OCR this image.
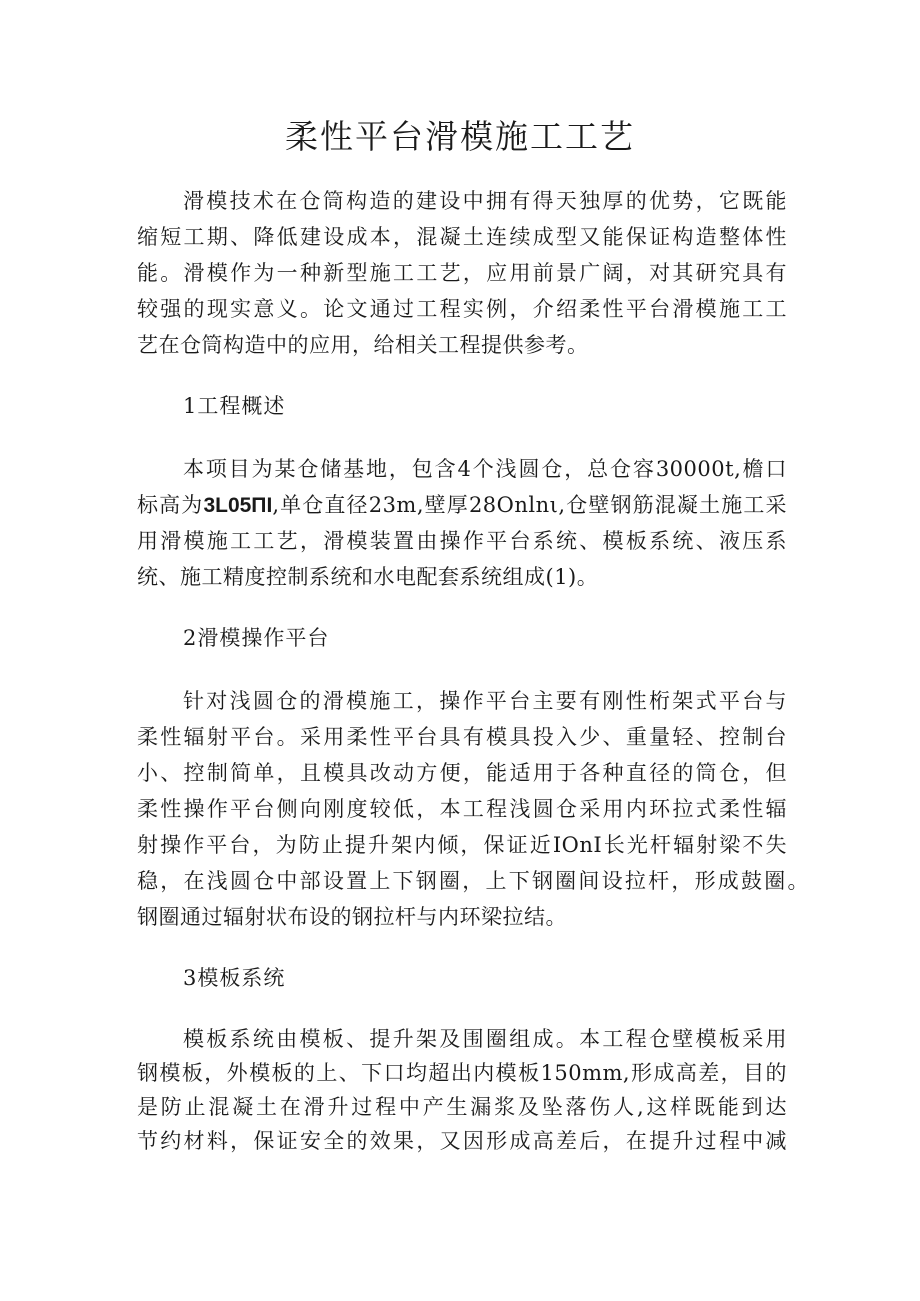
柔性平台滑模施工工艺
滑模技术在仓筒构造的建设中拥有得天独厚的优势，它既能
缩短工期、降低建设成本，混凝土连续成型又能保证构造整体性
能。滑模作为一种新型施工工艺，应用前景广阔，对其研究具有
较强的现实意义。论文通过工程实例，介绍柔性平台滑模施工工
艺在仓筒构造中的应用，给相关工程提供参考。
1工程概述
本项目为某仓储基地，包含4个浅圆仓，总仓容30000t,檐口
标高为3L05ΠI,单仓直径23m,壁厚28Onlnι,仓壁钢筋混凝土施工采
用滑模施工工艺，滑模装置由操作平台系统、模板系统、液压系
统、施工精度控制系统和水电配套系统组成(1)。
2滑模操作平台
针对浅圆仓的滑模施工，操作平台主要有刚性桁架式平台与
柔性辐射平台。采用柔性平台具有模具投入少、重量轻、控制台
小、控制简单，且模具改动方便，能适用于各种直径的筒仓，但
柔性操作平台侧向刚度较低，本工程浅圆仓采用内环拉式柔性辐
射操作平台，为防止提升架内倾，保证近IOnI长光杆辐射梁不失
稳，在浅圆仓中部设置上下钢圈，上下钢圈间设拉杆，形成鼓圈。
钢圈通过辐射状布设的钢拉杆与内环梁拉结。
3模板系统
模板系统由模板、提升架及围圈组成。本工程仓壁模板采用
钢模板，外模板的上、下口均超出内模板150mm,形成高差，目的
是防止混凝土在滑升过程中产生漏浆及坠落伤人,这样既能到达
节约材料，保证安全的效果，又因形成高差后，在提升过程中减
